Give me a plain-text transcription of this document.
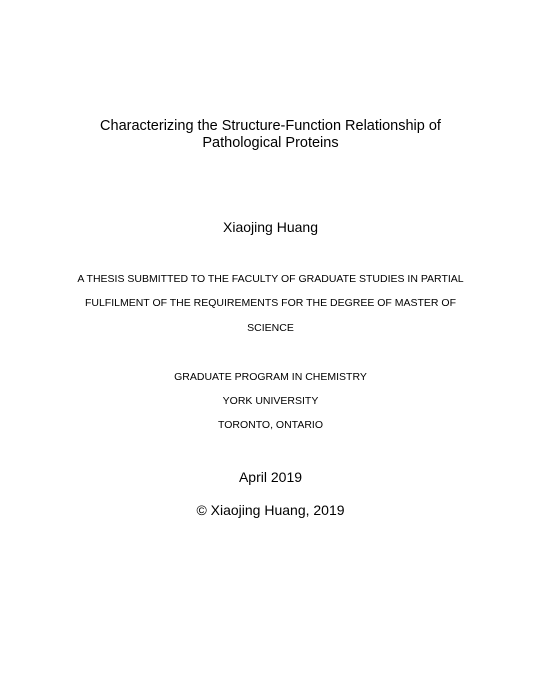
Characterizing the Structure-Function Relationship of
Pathological Proteins
Xiaojing Huang
A THESIS SUBMITTED TO THE FACULTY OF GRADUATE STUDIES IN PARTIAL
FULFILMENT OF THE REQUIREMENTS FOR THE DEGREE OF MASTER OF
SCIENCE
GRADUATE PROGRAM IN CHEMISTRY
YORK UNIVERSITY
TORONTO, ONTARIO
April 2019
© Xiaojing Huang, 2019
